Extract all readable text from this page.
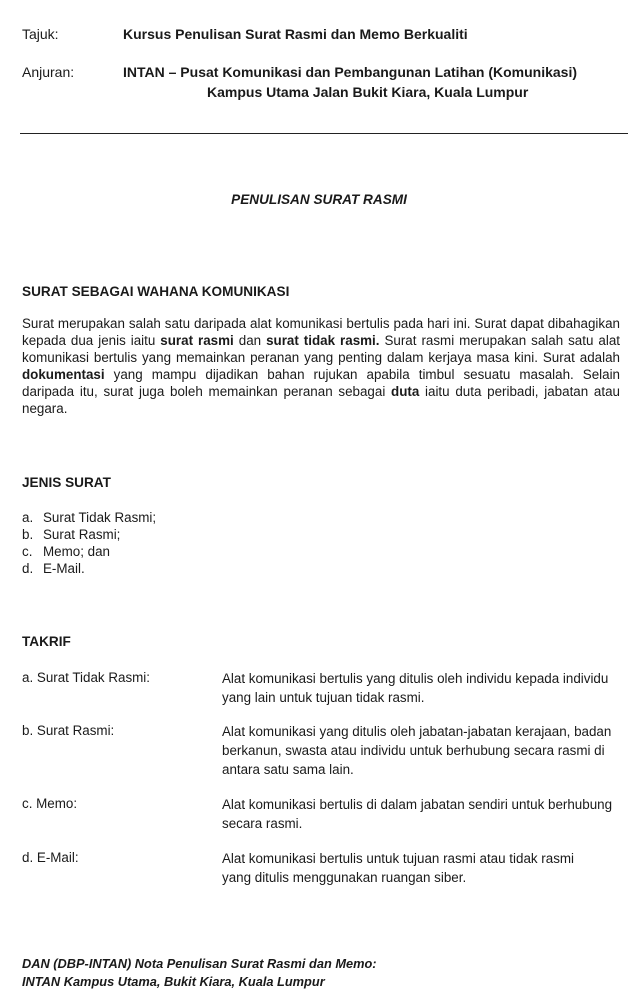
Tajuk:	Kursus Penulisan Surat Rasmi dan Memo Berkualiti
Anjuran:	INTAN – Pusat Komunikasi dan Pembangunan Latihan (Komunikasi)
Kampus Utama Jalan Bukit Kiara, Kuala Lumpur
PENULISAN SURAT RASMI
SURAT SEBAGAI WAHANA KOMUNIKASI
Surat merupakan salah satu daripada alat komunikasi bertulis pada hari ini. Surat dapat dibahagikan kepada dua jenis iaitu surat rasmi dan surat tidak rasmi. Surat rasmi merupakan salah satu alat komunikasi bertulis yang memainkan peranan yang penting dalam kerjaya masa kini. Surat adalah dokumentasi yang mampu dijadikan bahan rujukan apabila timbul sesuatu masalah. Selain daripada itu, surat juga boleh memainkan peranan sebagai duta iaitu duta peribadi, jabatan atau negara.
JENIS SURAT
a. Surat Tidak Rasmi;
b. Surat Rasmi;
c. Memo; dan
d. E-Mail.
TAKRIF
a. Surat Tidak Rasmi:	Alat komunikasi bertulis yang ditulis oleh individu kepada individu yang lain untuk tujuan tidak rasmi.
b. Surat Rasmi:	Alat komunikasi yang ditulis oleh jabatan-jabatan kerajaan, badan berkanun, swasta atau individu untuk berhubung secara rasmi di antara satu sama lain.
c. Memo:	Alat komunikasi bertulis di dalam jabatan sendiri untuk berhubung secara rasmi.
d. E-Mail:	Alat komunikasi bertulis untuk tujuan rasmi atau tidak rasmi yang ditulis menggunakan ruangan siber.
DAN (DBP-INTAN) Nota Penulisan Surat Rasmi dan Memo:
INTAN Kampus Utama, Bukit Kiara, Kuala Lumpur
